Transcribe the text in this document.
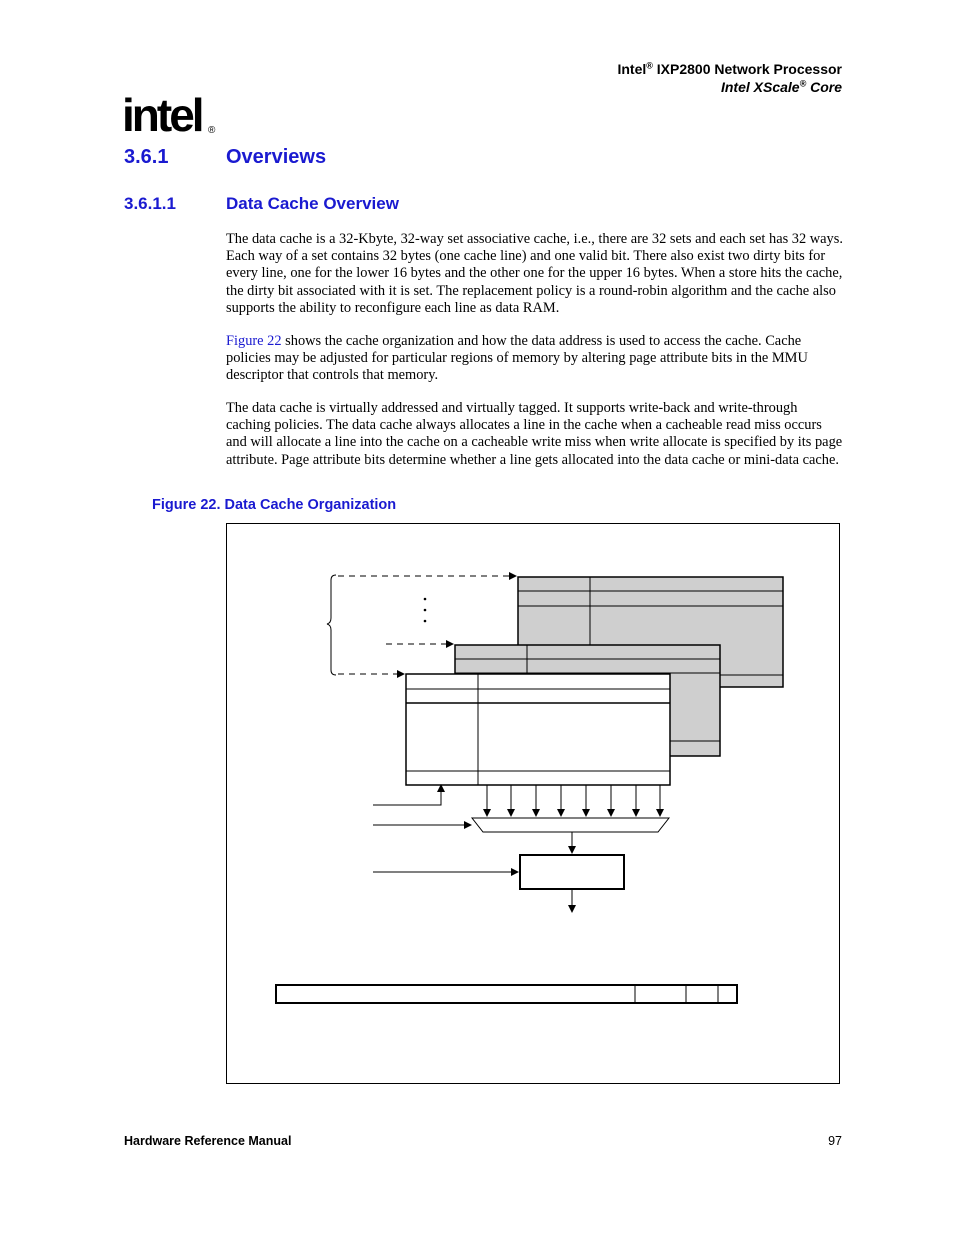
Intel® IXP2800 Network Processor
Intel XScale® Core
intel ®
3.6.1	Overviews
3.6.1.1	Data Cache Overview
The data cache is a 32-Kbyte, 32-way set associative cache, i.e., there are 32 sets and each set has 32 ways. Each way of a set contains 32 bytes (one cache line) and one valid bit. There also exist two dirty bits for every line, one for the lower 16 bytes and the other one for the upper 16 bytes. When a store hits the cache, the dirty bit associated with it is set. The replacement policy is a round-robin algorithm and the cache also supports the ability to reconfigure each line as data RAM.
Figure 22 shows the cache organization and how the data address is used to access the cache. Cache policies may be adjusted for particular regions of memory by altering page attribute bits in the MMU descriptor that controls that memory.
The data cache is virtually addressed and virtually tagged. It supports write-back and write-through caching policies. The data cache always allocates a line in the cache when a cacheable read miss occurs and will allocate a line into the cache on a cacheable write miss when write allocate is specified by its page attribute. Page attribute bits determine whether a line gets allocated into the data cache or mini-data cache.
Figure 22. Data Cache Organization
Hardware Reference Manual	97
